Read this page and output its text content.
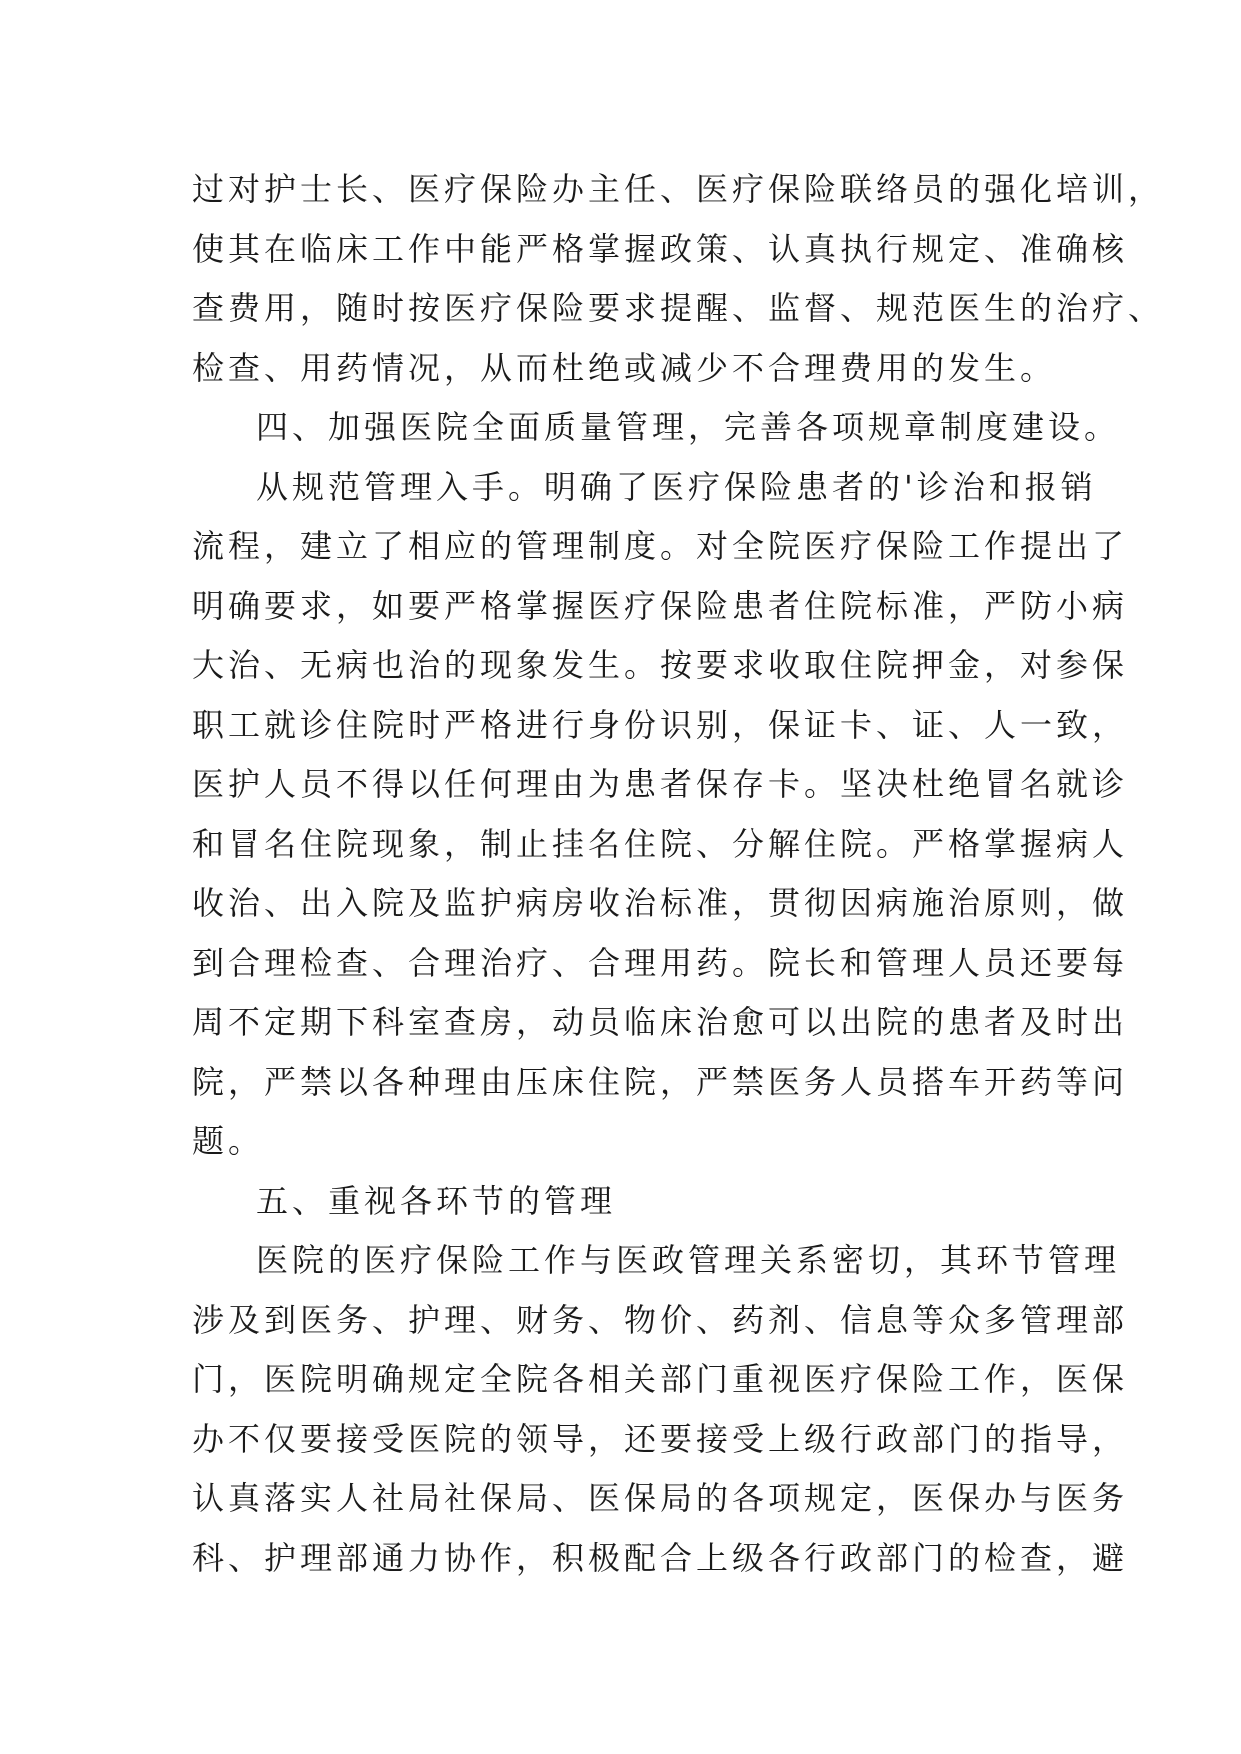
过对护士长、医疗保险办主任、医疗保险联络员的强化培训，
使其在临床工作中能严格掌握政策、认真执行规定、准确核
查费用，随时按医疗保险要求提醒、监督、规范医生的治疗、
检查、用药情况，从而杜绝或减少不合理费用的发生。
四、加强医院全面质量管理，完善各项规章制度建设。
从规范管理入手。明确了医疗保险患者的'诊治和报销
流程，建立了相应的管理制度。对全院医疗保险工作提出了
明确要求，如要严格掌握医疗保险患者住院标准，严防小病
大治、无病也治的现象发生。按要求收取住院押金，对参保
职工就诊住院时严格进行身份识别，保证卡、证、人一致，
医护人员不得以任何理由为患者保存卡。坚决杜绝冒名就诊
和冒名住院现象，制止挂名住院、分解住院。严格掌握病人
收治、出入院及监护病房收治标准，贯彻因病施治原则，做
到合理检查、合理治疗、合理用药。院长和管理人员还要每
周不定期下科室查房，动员临床治愈可以出院的患者及时出
院，严禁以各种理由压床住院，严禁医务人员搭车开药等问
题。
五、重视各环节的管理
医院的医疗保险工作与医政管理关系密切，其环节管理
涉及到医务、护理、财务、物价、药剂、信息等众多管理部
门，医院明确规定全院各相关部门重视医疗保险工作，医保
办不仅要接受医院的领导，还要接受上级行政部门的指导，
认真落实人社局社保局、医保局的各项规定，医保办与医务
科、护理部通力协作，积极配合上级各行政部门的检查，避
